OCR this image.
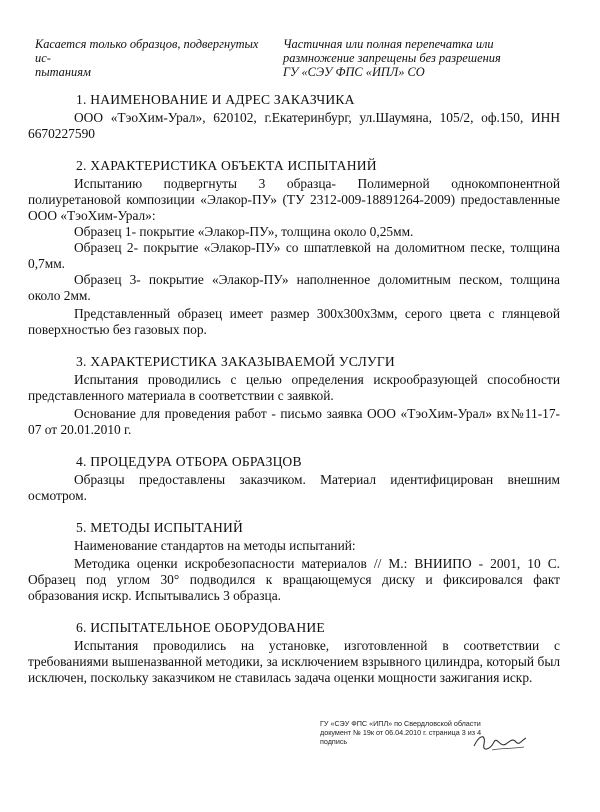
Касается только образцов, подвергнутых ис-
пытаниям
Частичная или полная перепечатка или
размножение запрещены без разрешения
ГУ «СЭУ ФПС «ИПЛ» СО
1. НАИМЕНОВАНИЕ И АДРЕС ЗАКАЗЧИКА

ООО «ТэоХим-Урал», 620102, г.Екатеринбург, ул.Шаумяна, 105/2, оф.150, ИНН 6670227590

2. ХАРАКТЕРИСТИКА ОБЪЕКТА ИСПЫТАНИЙ

Испытанию подвергнуты 3 образца- Полимерной однокомпонентной полиуретановой композиции «Элакор-ПУ» (ТУ 2312-009-18891264-2009) предоставленные ООО «ТэоХим-Урал»:

Образец 1- покрытие «Элакор-ПУ», толщина около 0,25мм.

Образец 2- покрытие «Элакор-ПУ» со шпатлевкой на доломитном песке, толщина 0,7мм.

Образец 3- покрытие «Элакор-ПУ» наполненное доломитным песком, толщина около 2мм.

Представленный образец имеет размер 300х300х3мм, серого цвета с глянцевой поверхностью без газовых пор.

3. ХАРАКТЕРИСТИКА ЗАКАЗЫВАЕМОЙ УСЛУГИ

Испытания проводились с целью определения искрообразующей способности представленного материала в соответствии с заявкой.

Основание для проведения работ - письмо заявка ООО «ТэоХим-Урал» вх№11-17-07 от 20.01.2010 г.

4. ПРОЦЕДУРА ОТБОРА ОБРАЗЦОВ

Образцы предоставлены заказчиком. Материал идентифицирован внешним осмотром.

5. МЕТОДЫ ИСПЫТАНИЙ

Наименование стандартов на методы испытаний:

Методика оценки искробезопасности материалов // М.: ВНИИПО - 2001, 10 С. Образец под углом 30° подводился к вращающемуся диску и фиксировался факт образования искр. Испытывались 3 образца.

6. ИСПЫТАТЕЛЬНОЕ ОБОРУДОВАНИЕ

Испытания проводились на установке, изготовленной в соответствии с требованиями вышеназванной методики, за исключением взрывного цилиндра, который был исключен, поскольку заказчиком не ставилась задача оценки мощности зажигания искр.

ГУ «СЭУ ФПС «ИПЛ» по Свердловской области
документ № 19к от 06.04.2010 г. страница 3 из 4
подпись
